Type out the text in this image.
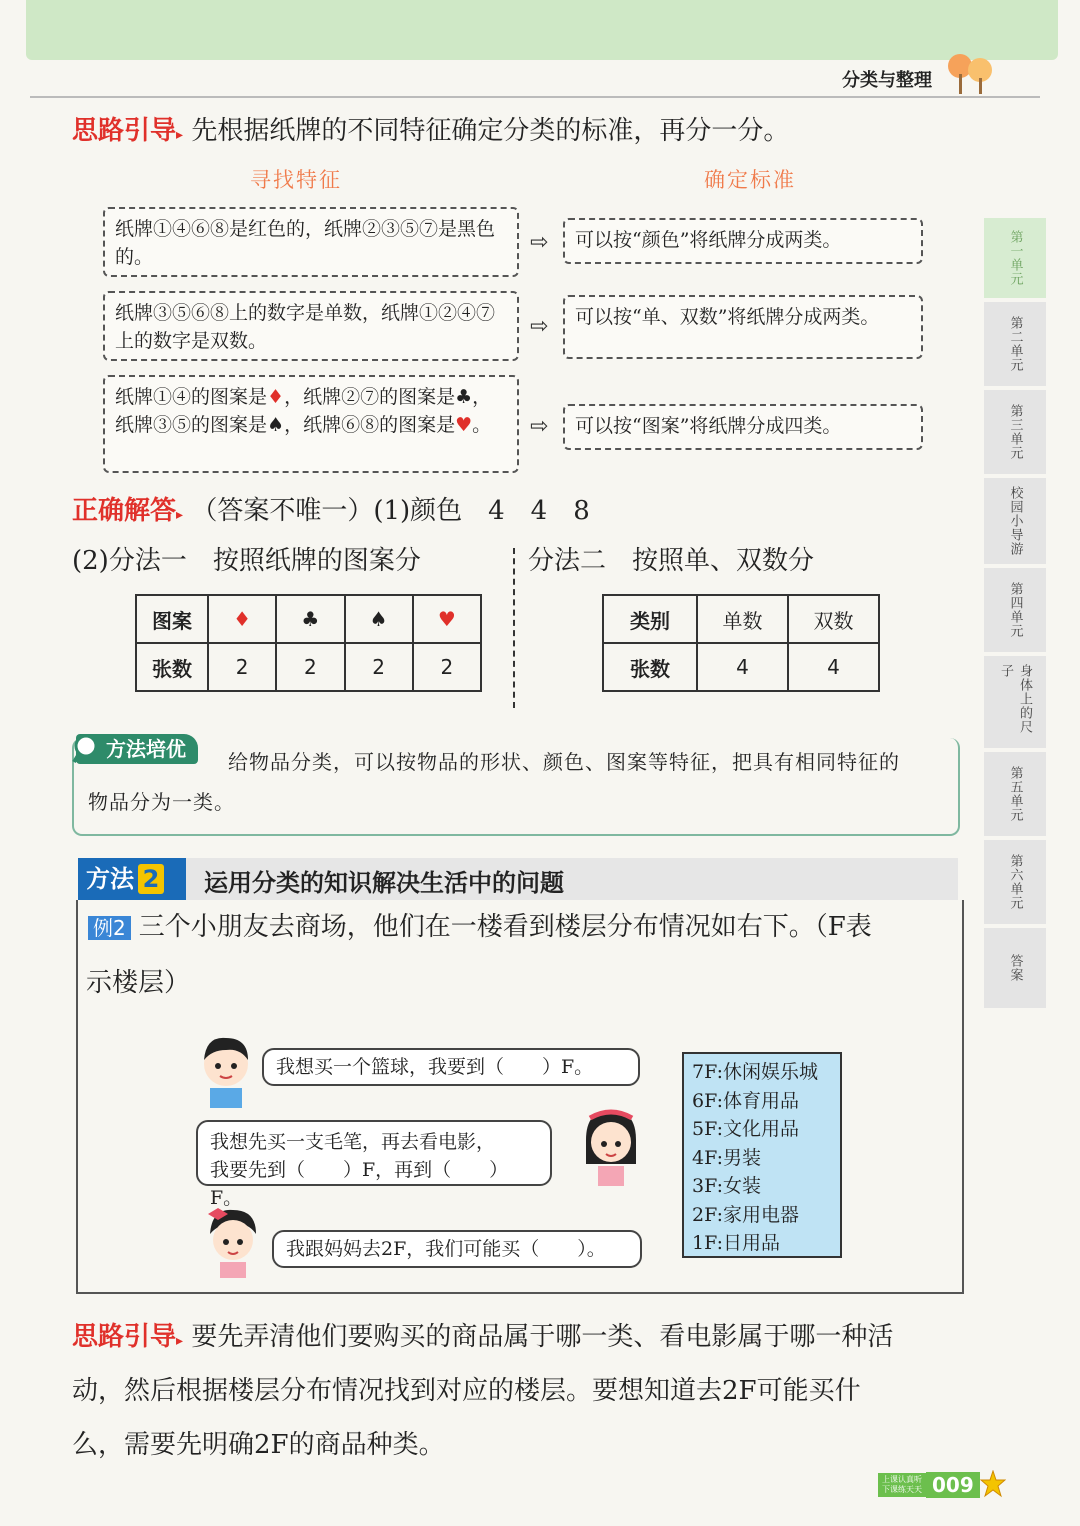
分类与整理
思路引导▸ 先根据纸牌的不同特征确定分类的标准，再分一分。
寻找特征	确定标准
纸牌①④⑥⑧是红色的，纸牌②③⑤⑦是黑色的。
⇨	可以按“颜色”将纸牌分成两类。
纸牌③⑤⑥⑧上的数字是单数，纸牌①②④⑦上的数字是双数。
⇨	可以按“单、双数”将纸牌分成两类。
纸牌①④的图案是♦，纸牌②⑦的图案是♣，纸牌③⑤的图案是♠，纸牌⑥⑧的图案是♥。	⇨	可以按“图案”将纸牌分成四类。
正确解答▸ （答案不唯一）(1)颜色　4　4　8
(2)分法一　按照纸牌的图案分	分法二　按照单、双数分
图案	♦	♣	♠	♥
张数	2	2	2	2
类别	单数	双数
张数	4	4
方法培优
给物品分类，可以按物品的形状、颜色、图案等特征，把具有相同特征的
物品分为一类。
方法 2	运用分类的知识解决生活中的问题
例2 三个小朋友去商场，他们在一楼看到楼层分布情况如右下。（F表
示楼层）
我想买一个篮球，我要到（　　）F。
我想先买一支毛笔，再去看电影，
我要先到（　　）F，再到（　　）F。
我跟妈妈去2F，我们可能买（　　）。
7F:休闲娱乐城
6F:体育用品
5F:文化用品
4F:男装
3F:女装
2F:家用电器
1F:日用品
思路引导▸ 要先弄清他们要购买的商品属于哪一类、看电影属于哪一种活
动，然后根据楼层分布情况找到对应的楼层。要想知道去2F可能买什
么，需要先明确2F的商品种类。
第一单元
第二单元
第三单元
校园小导游
第四单元
身体上的尺子
第五单元
第六单元
答案
上课认真听
下课练天天 009
